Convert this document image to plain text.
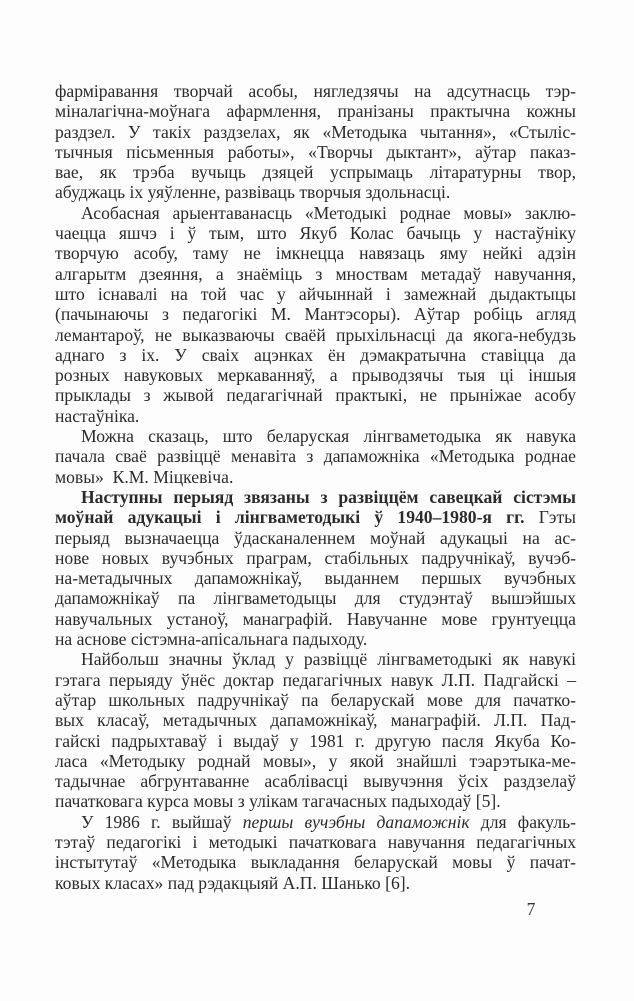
фарміравання творчай асобы, нягледзячы на адсутнасць тэр-
міналагічна-моўнага афармлення, пранізаны практычна кожны
раздзел. У такіх раздзелах, як «Методыка чытання», «Стыліс-
тычныя пісьменныя работы», «Творчы дыктант», аўтар паказ-
вае, як трэба вучыць дзяцей успрымаць літаратурны твор,
абуджаць іх уяўленне, развіваць творчыя здольнасці.
Асобасная арыентаванасць «Методыкі роднае мовы» заклю-
чаецца яшчэ і ў тым, што Якуб Колас бачыць у настаўніку
творчую асобу, таму не імкнецца навязаць яму нейкі адзін
алгарытм дзеяння, а знаёміць з мноствам метадаў навучання,
што існавалі на той час у айчыннай і замежнай дыдактыцы
(пачынаючы з педагогікі М. Мантэсоры). Аўтар робіць агляд
лемантароў, не выказваючы сваёй прыхільнасці да якога-небудзь
аднаго з іх. У сваіх ацэнках ён дэмакратычна ставіцца да
розных навуковых меркаванняў, а прыводзячы тыя ці іншыя
прыклады з жывой педагагічнай практыкі, не прыніжае асобу
настаўніка.
Можна сказаць, што беларуская лінгваметодыка як навука
пачала сваё развіццё менавіта з дапаможніка «Методыка роднае
мовы»  К.М. Міцкевіча.
Наступны перыяд звязаны з развіццём савецкай сістэмы
моўнай адукацыі і лінгваметодыкі ў 1940–1980-я гг. Гэты
перыяд вызначаецца ўдасканаленнем моўнай адукацыі на ас-
нове новых вучэбных праграм, стабільных падручнікаў, вучэб-
на-метадычных дапаможнікаў, выданнем першых вучэбных
дапаможнікаў па лінгваметодыцы для студэнтаў вышэйшых
навучальных устаноў, манаграфій. Навучанне мове грунтуецца
на аснове сістэмна-апісальнага падыходу.
Найбольш значны ўклад у развіццё лінгваметодыкі як навукі
гэтага перыяду ўнёс доктар педагагічных навук Л.П. Падгайскі –
аўтар школьных падручнікаў па беларускай мове для пачатко-
вых класаў, метадычных дапаможнікаў, манаграфій. Л.П. Пад-
гайскі падрыхтаваў і выдаў у 1981 г. другую пасля Якуба Ко-
ласа «Методыку роднай мовы», у якой знайшлі тэарэтыка-ме-
тадычнае абгрунтаванне асаблівасці вывучэння ўсіх раздзелаў
пачатковага курса мовы з улікам тагачасных падыходаў [5].
У 1986 г. выйшаў першы вучэбны дапаможнік для факуль-
тэтаў педагогікі і методыкі пачатковага навучання педагагічных
інстытутаў «Методыка выкладання беларускай мовы ў пачат-
ковых класах» пад рэдакцыяй А.П. Шанько [6].
7
